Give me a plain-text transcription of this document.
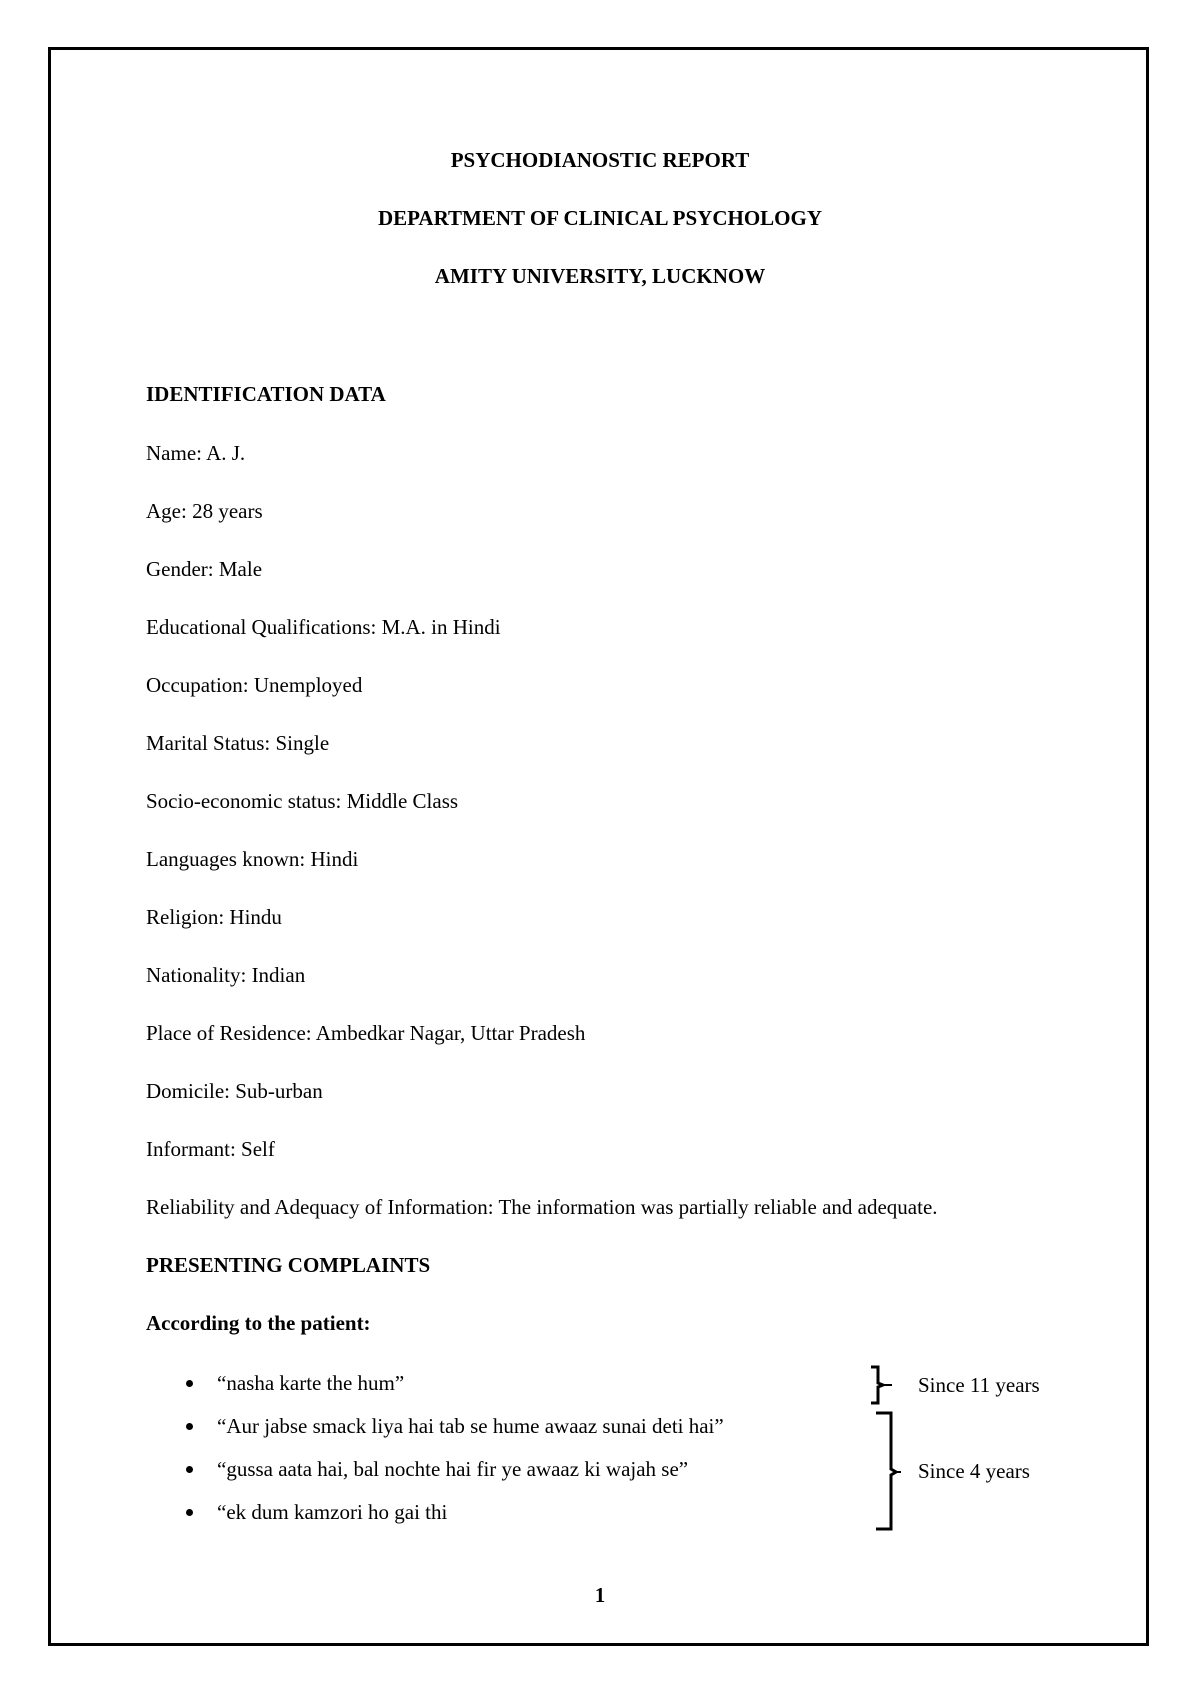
PSYCHODIANOSTIC REPORT
DEPARTMENT OF CLINICAL PSYCHOLOGY
AMITY UNIVERSITY, LUCKNOW
IDENTIFICATION DATA
Name: A. J.
Age: 28 years
Gender: Male
Educational Qualifications: M.A. in Hindi
Occupation: Unemployed
Marital Status: Single
Socio-economic status: Middle Class
Languages known: Hindi
Religion: Hindu
Nationality: Indian
Place of Residence: Ambedkar Nagar, Uttar Pradesh
Domicile: Sub-urban
Informant: Self
Reliability and Adequacy of Information: The information was partially reliable and adequate.
PRESENTING COMPLAINTS
According to the patient:
“nasha karte the hum”
“Aur jabse smack liya hai tab se hume awaaz sunai deti hai”
“gussa aata hai, bal nochte hai fir ye awaaz ki wajah se”
“ek dum kamzori ho gai thi
Since 11 years
Since 4 years
1
